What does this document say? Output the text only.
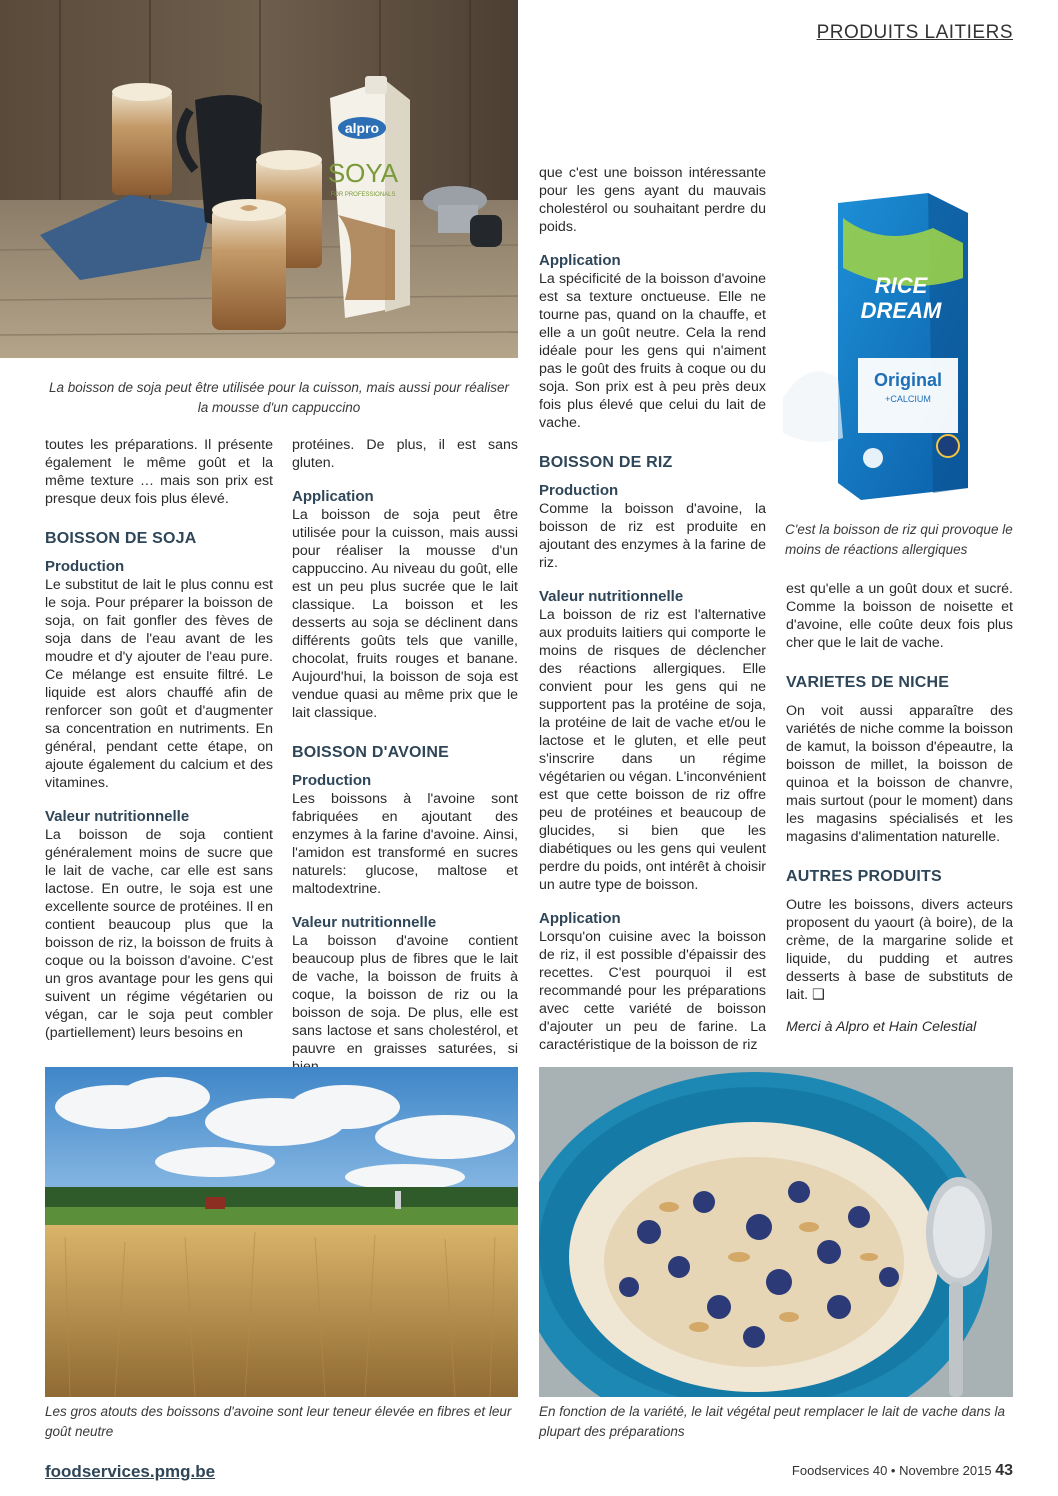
PRODUITS LAITIERS
alpro
SOYA
FOR PROFESSIONALS
La boisson de soja peut être utilisée pour la cuisson, mais aussi pour réaliser la mousse d'un cappuccino
RICE
DREAM
Original
+CALCIUM
C'est la boisson de riz qui provoque le moins de réactions allergiques

toutes les préparations. Il présente également le même goût et la même texture … mais son prix est presque deux fois plus élevé.

BOISSON DE SOJA

Production

Le substitut de lait le plus connu est le soja. Pour préparer la boisson de soja, on fait gonfler des fèves de soja dans de l'eau avant de les moudre et d'y ajouter de l'eau pure. Ce mélange est ensuite filtré. Le liquide est alors chauffé afin de renforcer son goût et d'augmenter sa concentration en nutriments. En général, pendant cette étape, on ajoute également du calcium et des vitamines.

Valeur nutritionnelle

La boisson de soja contient généralement moins de sucre que le lait de vache, car elle est sans lactose. En outre, le soja est une excellente source de protéines. Il en contient beaucoup plus que la boisson de riz, la boisson de fruits à coque ou la boisson d'avoine. C'est un gros avantage pour les gens qui suivent un régime végétarien ou végan, car le soja peut combler (partiellement) leurs besoins en

protéines. De plus, il est sans gluten.

Application

La boisson de soja peut être utilisée pour la cuisson, mais aussi pour réaliser la mousse d'un cappuccino. Au niveau du goût, elle est un peu plus sucrée que le lait classique. La boisson et les desserts au soja se déclinent dans différents goûts tels que vanille, chocolat, fruits rouges et banane. Aujourd'hui, la boisson de soja est vendue quasi au même prix que le lait classique.

BOISSON D'AVOINE

Production

Les boissons à l'avoine sont fabriquées en ajoutant des enzymes à la farine d'avoine. Ainsi, l'amidon est transformé en sucres naturels: glucose, maltose et maltodextrine.

Valeur nutritionnelle

La boisson d'avoine contient beaucoup plus de fibres que le lait de vache, la boisson de fruits à coque, la boisson de riz ou la boisson de soja. De plus, elle est sans lactose et sans cholestérol, et pauvre en graisses saturées, si

que c'est une boisson intéressante pour les gens ayant du mauvais cholestérol ou souhaitant perdre du poids.

Application

La spécificité de la boisson d'avoine est sa texture onctueuse. Elle ne tourne pas, quand on la chauffe, et elle a un goût neutre. Cela la rend idéale pour les gens qui n'aiment pas le goût des fruits à coque ou du soja. Son prix est à peu près deux fois plus élevé que celui du lait de vache.

BOISSON DE RIZ

Production

Comme la boisson d'avoine, la boisson de riz est produite en ajoutant des enzymes à la farine de riz.

Valeur nutritionnelle

La boisson de riz est l'alternative aux produits laitiers qui comporte le moins de risques de déclencher des réactions allergiques. Elle convient pour les gens qui ne supportent pas la protéine de soja, la protéine de lait de vache et/ou le lactose et le gluten, et elle peut s'inscrire dans un régime végétarien ou végan. L'inconvénient est que cette boisson de riz offre peu de protéines et beaucoup de glucides, si bien que les diabétiques ou les gens qui veulent perdre du poids, ont intérêt à choisir un autre type de boisson.

Application

Lorsqu'on cuisine avec la boisson de riz, il est possible d'épaissir des recettes. C'est pourquoi il est recommandé pour les préparations avec cette variété de boisson d'ajouter un peu de farine. La caractéristique de la boisson de riz

est qu'elle a un goût doux et sucré. Comme la boisson de noisette et d'avoine, elle coûte deux fois plus cher que le lait de vache.

VARIETES DE NICHE

On voit aussi apparaître des variétés de niche comme la boisson de kamut, la boisson d'épeautre, la boisson de millet, la boisson de quinoa et la boisson de chanvre, mais surtout (pour le moment) dans les magasins spécialisés et les magasins d'alimentation naturelle.

AUTRES PRODUITS

Outre les boissons, divers acteurs proposent du yaourt (à boire), de la crème, de la margarine solide et liquide, du pudding et autres desserts à base de substituts de lait. ❑

Merci à Alpro et Hain Celestial

Les gros atouts des boissons d'avoine sont leur teneur élevée en fibres et leur goût neutre
En fonction de la variété, le lait végétal peut remplacer le lait de vache dans la plupart des préparations
foodservices.pmg.be	Foodservices 40 • Novembre 2015 43
